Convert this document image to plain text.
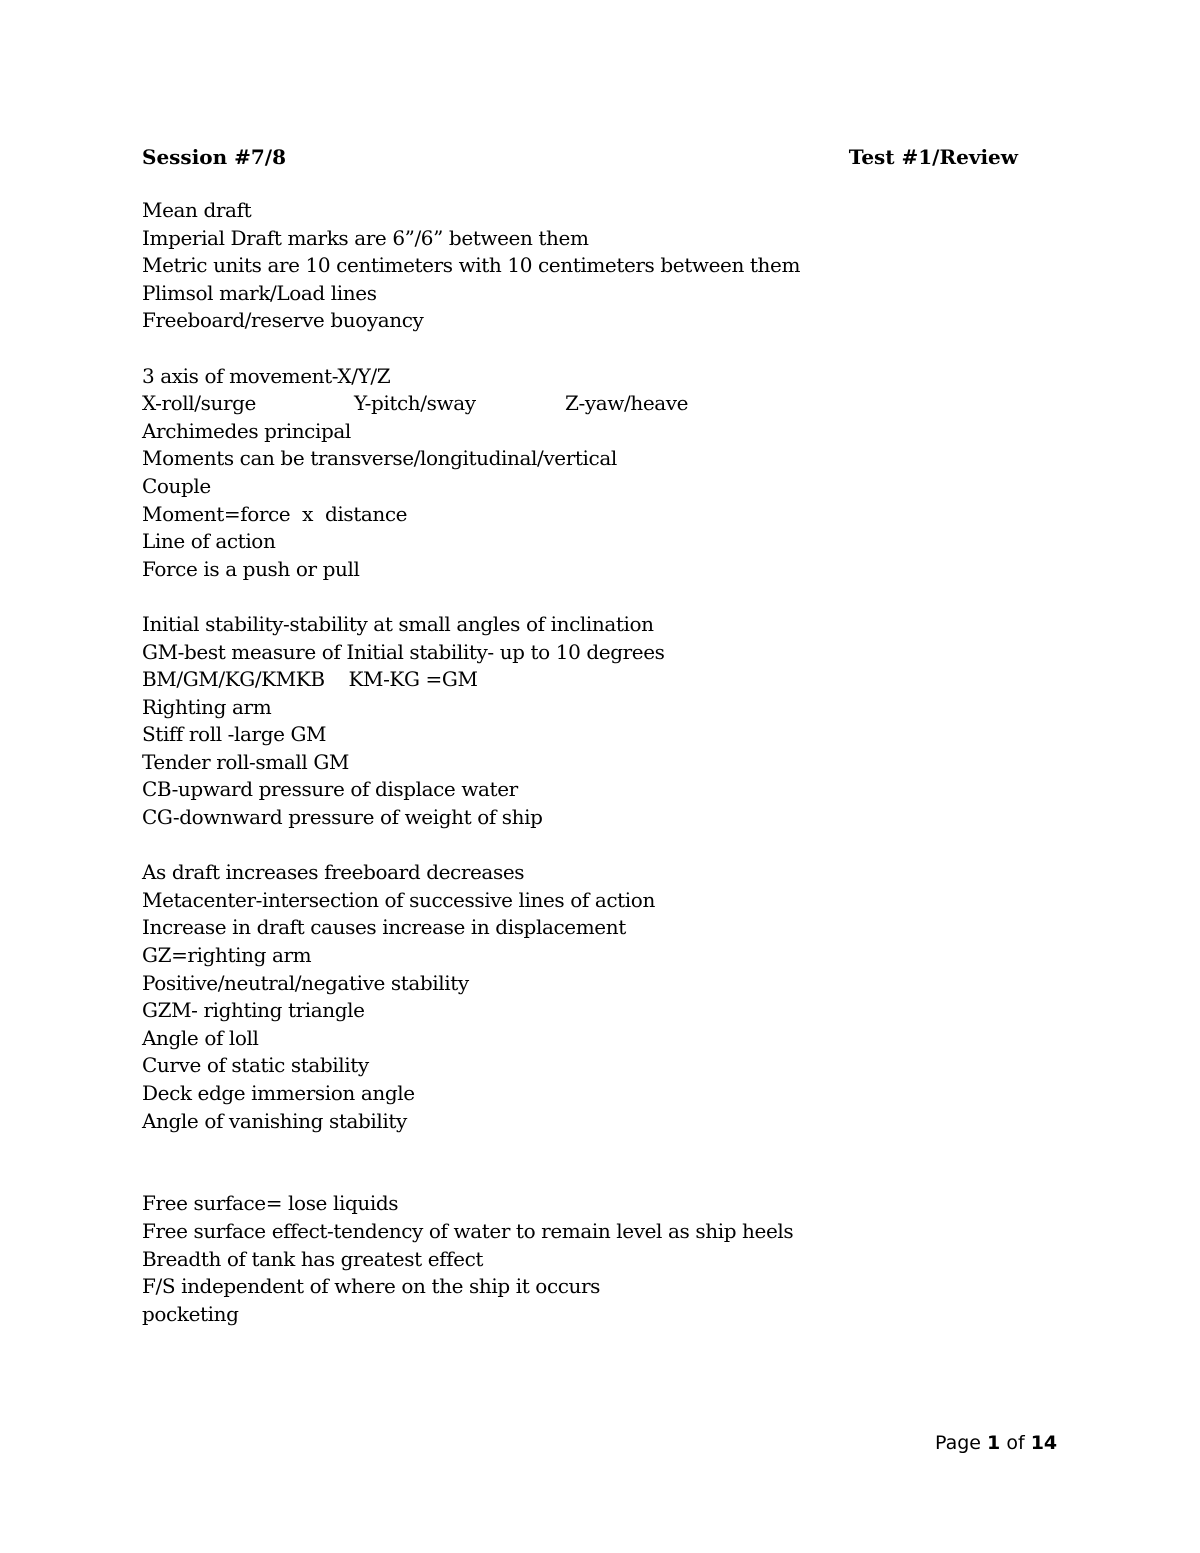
Session #7/8	Test #1/Review
Mean draft
Imperial Draft marks are 6”/6” between them
Metric units are 10 centimeters with 10 centimeters between them
Plimsol mark/Load lines
Freeboard/reserve buoyancy
3 axis of movement-X/Y/Z
X-roll/surge	Y-pitch/sway	Z-yaw/heave
Archimedes principal
Moments can be transverse/longitudinal/vertical
Couple
Moment=force  x  distance
Line of action
Force is a push or pull
Initial stability-stability at small angles of inclination
GM-best measure of Initial stability- up to 10 degrees
BM/GM/KG/KMKB    KM-KG =GM
Righting arm
Stiff roll -large GM
Tender roll-small GM
CB-upward pressure of displace water
CG-downward pressure of weight of ship
As draft increases freeboard decreases
Metacenter-intersection of successive lines of action
Increase in draft causes increase in displacement
GZ=righting arm
Positive/neutral/negative stability
GZM- righting triangle
Angle of loll
Curve of static stability
Deck edge immersion angle
Angle of vanishing stability
Free surface= lose liquids
Free surface effect-tendency of water to remain level as ship heels
Breadth of tank has greatest effect
F/S independent of where on the ship it occurs
pocketing
Page 1 of 14
